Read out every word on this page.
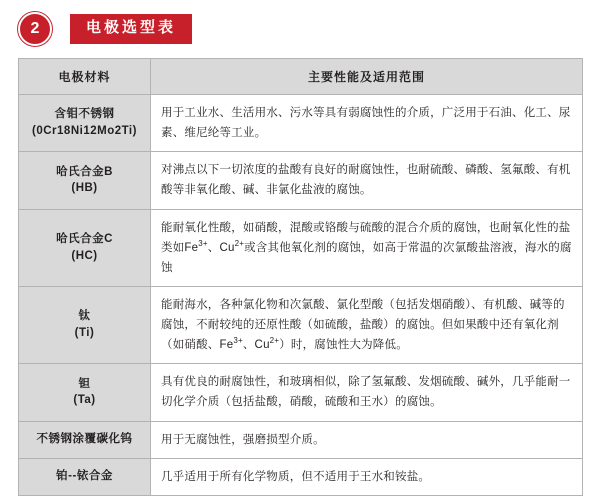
2	电极选型表
电极材料	主要性能及适用范围
含钼不锈钢
(0Cr18Ni12Mo2Ti)	用于工业水、生活用水、污水等具有弱腐蚀性的介质，广泛用于石油、化工、尿素、维尼纶等工业。
哈氏合金B
(HB)	对沸点以下一切浓度的盐酸有良好的耐腐蚀性，也耐硫酸、磷酸、氢氟酸、有机酸等非氧化酸、碱、非氯化盐液的腐蚀。
哈氏合金C
(HC)	能耐氧化性酸，如硝酸，混酸或铬酸与硫酸的混合介质的腐蚀，也耐氧化性的盐类如$Fe^{3+}$、$Cu^{2+}$或含其他氧化剂的腐蚀，如高于常温的次氯酸盐溶液，海水的腐蚀
钛
(Ti)	能耐海水，各种氯化物和次氯酸、氯化型酸（包括发烟硝酸）、有机酸、碱等的腐蚀，不耐较纯的还原性酸（如硫酸，盐酸）的腐蚀。但如果酸中还有氧化剂（如硝酸、$Fe^{3+}$、$Cu^{2+}$）时，腐蚀性大为降低。
钽
(Ta)	具有优良的耐腐蚀性，和玻璃相似，除了氢氟酸、发烟硫酸、碱外，几乎能耐一切化学介质（包括盐酸，硝酸，硫酸和王水）的腐蚀。
不锈钢涂覆碳化钨	用于无腐蚀性，强磨损型介质。
铂--铱合金	几乎适用于所有化学物质，但不适用于王水和铵盐。
